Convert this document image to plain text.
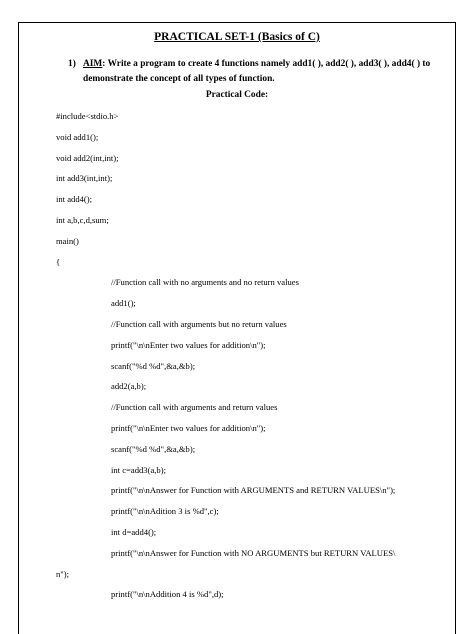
PRACTICAL SET-1 (Basics of C)
1) AIM: Write a program to create 4 functions namely add1( ), add2( ), add3( ), add4( ) to demonstrate the concept of all types of function.
Practical Code:
#include<stdio.h>
void add1();
void add2(int,int);
int add3(int,int);
int add4();
int a,b,c,d,sum;
main()
{
//Function call with no arguments and no return values
add1();
//Function call with arguments but no return values
printf("\n\nEnter two values for addition\n");
scanf("%d %d",&a,&b);
add2(a,b);
//Function call with arguments and return values
printf("\n\nEnter two values for addition\n");
scanf("%d %d",&a,&b);
int c=add3(a,b);
printf("\n\nAnswer for Function with ARGUMENTS and RETURN VALUES\n");
printf("\n\nAdition 3 is %d",c);
int d=add4();
printf("\n\nAnswer for Function with NO ARGUMENTS but RETURN VALUES\
n");
printf("\n\nAddition 4 is %d",d);
